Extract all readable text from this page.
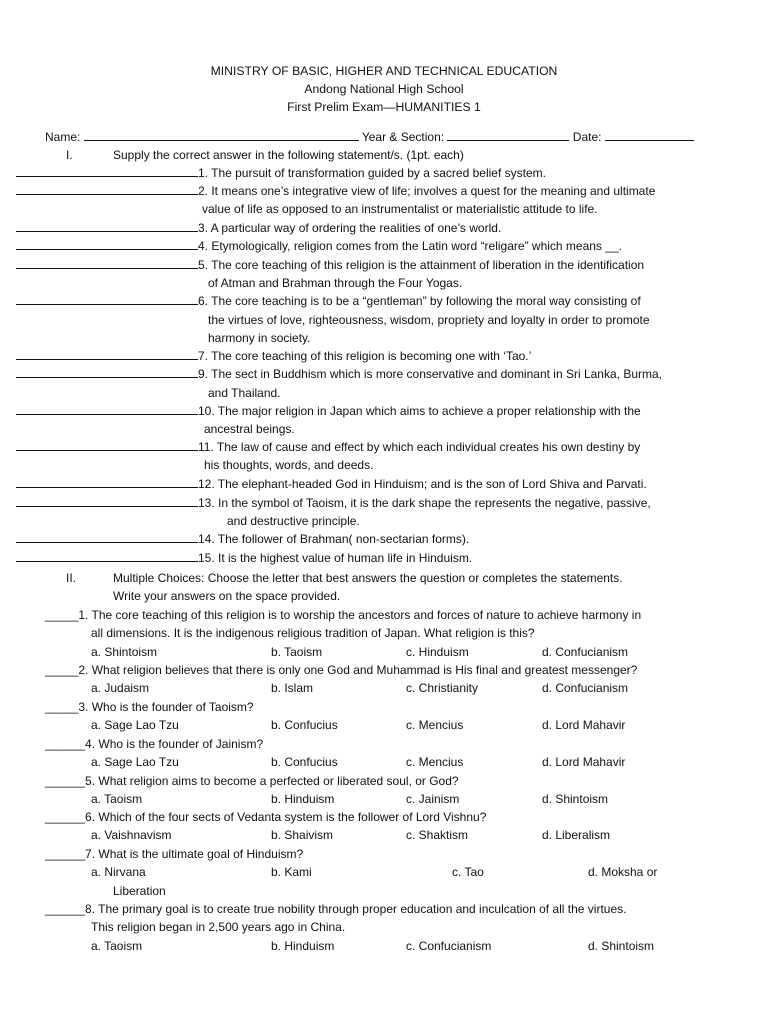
MINISTRY OF BASIC, HIGHER AND TECHNICAL EDUCATION
Andong National High School
First Prelim Exam—HUMANITIES 1
Name:	Year & Section:	Date:
I.	Supply the correct answer in the following statement/s. (1pt. each)
1. The pursuit of transformation guided by a sacred belief system.
2. It means one’s integrative view of life; involves a quest for the meaning and ultimate
value of life as opposed to an instrumentalist or materialistic attitude to life.
3. A particular way of ordering the realities of one’s world.
4. Etymologically, religion comes from the Latin word “religare” which means __.
5. The core teaching of this religion is the attainment of liberation in the identification
of Atman and Brahman through the Four Yogas.
6. The core teaching is to be a “gentleman” by following the moral way consisting of
the virtues of love, righteousness, wisdom, propriety and loyalty in order to promote
harmony in society.
7. The core teaching of this religion is becoming one with ‘Tao.’
9. The sect in Buddhism which is more conservative and dominant in Sri Lanka, Burma,
and Thailand.
10. The major religion in Japan which aims to achieve a proper relationship with the
ancestral beings.
11. The law of cause and effect by which each individual creates his own destiny by
his thoughts, words, and deeds.
12. The elephant-headed God in Hinduism; and is the son of Lord Shiva and Parvati.
13. In the symbol of Taoism, it is the dark shape the represents the negative, passive,
and destructive principle.
14. The follower of Brahman( non-sectarian forms).
15. It is the highest value of human life in Hinduism.
II.	Multiple Choices: Choose the letter that best answers the question or completes the statements.
Write your answers on the space provided.
_____1. The core teaching of this religion is to worship the ancestors and forces of nature to achieve harmony in
all dimensions. It is the indigenous religious tradition of Japan. What religion is this?
a. Shintoism	b. Taoism	c. Hinduism	d. Confucianism
_____2. What religion believes that there is only one God and Muhammad is His final and greatest messenger?
a. Judaism	b. Islam	c. Christianity	d. Confucianism
_____3. Who is the founder of Taoism?
a. Sage Lao Tzu	b. Confucius	c. Mencius	d. Lord Mahavir
______4. Who is the founder of Jainism?
a. Sage Lao Tzu	b. Confucius	c. Mencius	d. Lord Mahavir
______5. What religion aims to become a perfected or liberated soul, or God?
a. Taoism	b. Hinduism	c. Jainism	d. Shintoism
______6. Which of the four sects of Vedanta system is the follower of Lord Vishnu?
a. Vaishnavism	b. Shaivism	c. Shaktism	d. Liberalism
______7. What is the ultimate goal of Hinduism?
a. Nirvana	b. Kami	c. Tao	d. Moksha or
Liberation
______8. The primary goal is to create true nobility through proper education and inculcation of all the virtues.
This religion began in 2,500 years ago in China.
a. Taoism	b. Hinduism	c. Confucianism	d. Shintoism
